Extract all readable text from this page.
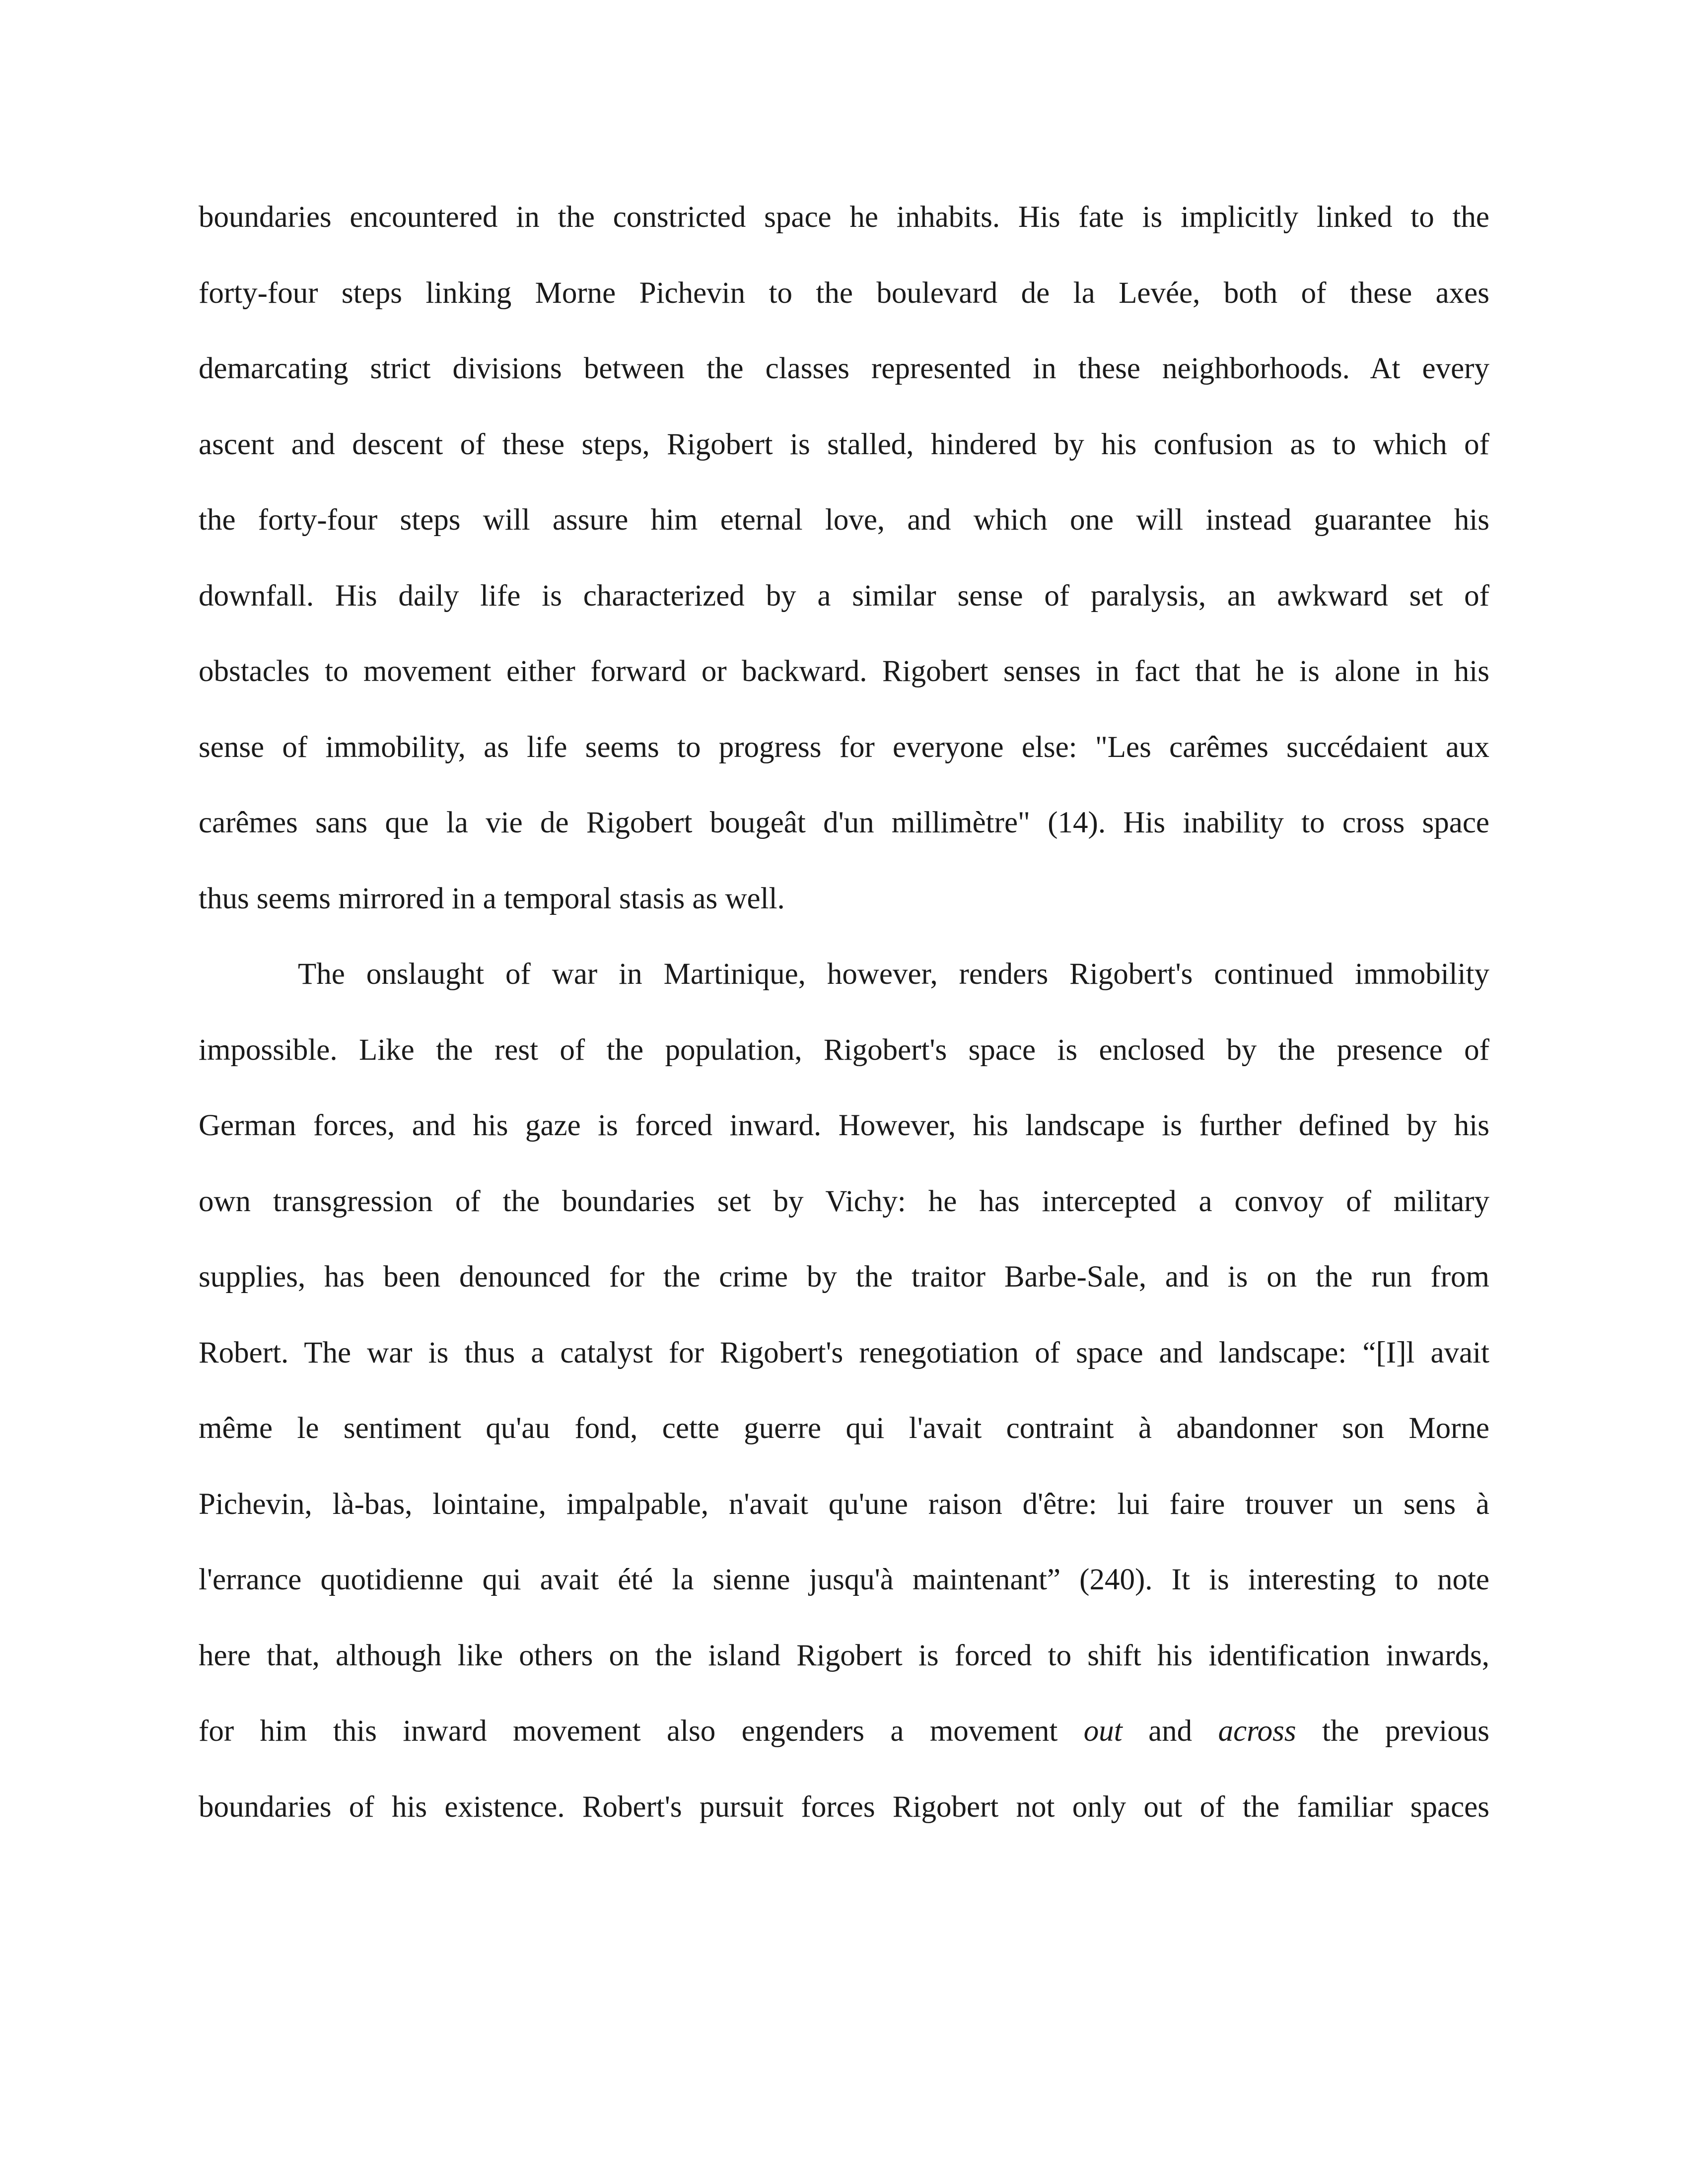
boundaries encountered in the constricted space he inhabits. His fate is implicitly linked to the
forty-four steps linking Morne Pichevin to the boulevard de la Levée, both of these axes
demarcating strict divisions between the classes represented in these neighborhoods. At every
ascent and descent of these steps, Rigobert is stalled, hindered by his confusion as to which of
the forty-four steps will assure him eternal love, and which one will instead guarantee his
downfall. His daily life is characterized by a similar sense of paralysis, an awkward set of
obstacles to movement either forward or backward. Rigobert senses in fact that he is alone in his
sense of immobility, as life seems to progress for everyone else: "Les carêmes succédaient aux
carêmes sans que la vie de Rigobert bougeât d'un millimètre" (14). His inability to cross space
thus seems mirrored in a temporal stasis as well.
The onslaught of war in Martinique, however, renders Rigobert's continued immobility
impossible. Like the rest of the population, Rigobert's space is enclosed by the presence of
German forces, and his gaze is forced inward. However, his landscape is further defined by his
own transgression of the boundaries set by Vichy: he has intercepted a convoy of military
supplies, has been denounced for the crime by the traitor Barbe-Sale, and is on the run from
Robert. The war is thus a catalyst for Rigobert's renegotiation of space and landscape: “[I]l avait
même le sentiment qu'au fond, cette guerre qui l'avait contraint à abandonner son Morne
Pichevin, là-bas, lointaine, impalpable, n'avait qu'une raison d'être: lui faire trouver un sens à
l'errance quotidienne qui avait été la sienne jusqu'à maintenant” (240). It is interesting to note
here that, although like others on the island Rigobert is forced to shift his identification inwards,
for him this inward movement also engenders a movement out and across the previous
boundaries of his existence. Robert's pursuit forces Rigobert not only out of the familiar spaces
